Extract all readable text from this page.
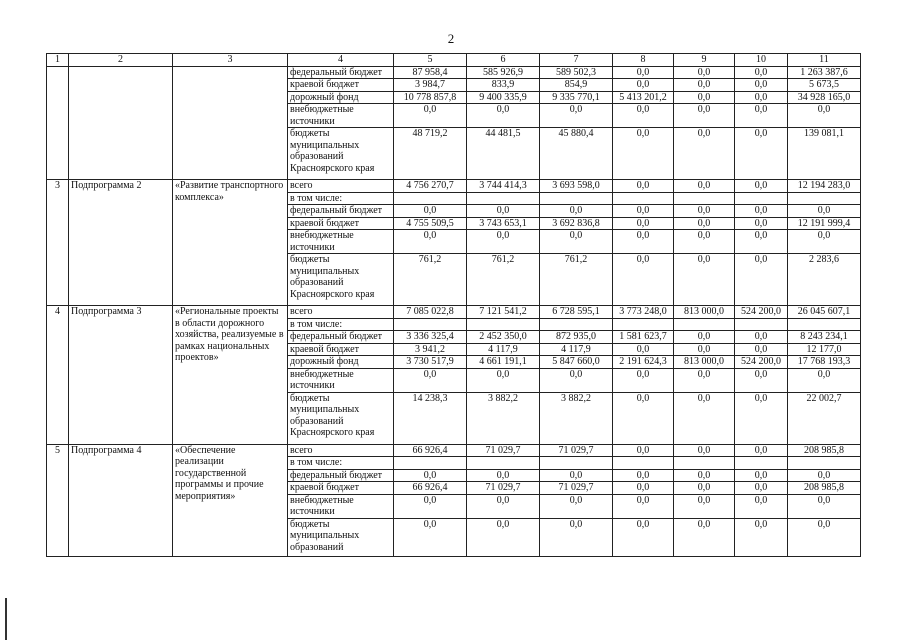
2
1	2	3	4	5	6	7	8	9	10	11
			федеральный бюджет	87 958,4	585 926,9	589 502,3	0,0	0,0	0,0	1 263 387,6
			краевой бюджет	3 984,7	833,9	854,9	0,0	0,0	0,0	5 673,5
			дорожный фонд	10 778 857,8	9 400 335,9	9 335 770,1	5 413 201,2	0,0	0,0	34 928 165,0
			внебюджетные источники	0,0	0,0	0,0	0,0	0,0	0,0	0,0
			бюджеты муниципальных образований Красноярского края	48 719,2	44 481,5	45 880,4	0,0	0,0	0,0	139 081,1
3	Подпрограмма 2	«Развитие транспортного комплекса»	всего	4 756 270,7	3 744 414,3	3 693 598,0	0,0	0,0	0,0	12 194 283,0
			в том числе:							
			федеральный бюджет	0,0	0,0	0,0	0,0	0,0	0,0	0,0
			краевой бюджет	4 755 509,5	3 743 653,1	3 692 836,8	0,0	0,0	0,0	12 191 999,4
			внебюджетные источники	0,0	0,0	0,0	0,0	0,0	0,0	0,0
			бюджеты муниципальных образований Красноярского края	761,2	761,2	761,2	0,0	0,0	0,0	2 283,6
4	Подпрограмма 3	«Региональные проекты в области дорожного хозяйства, реализуемые в рамках национальных проектов»	всего	7 085 022,8	7 121 541,2	6 728 595,1	3 773 248,0	813 000,0	524 200,0	26 045 607,1
			в том числе:							
			федеральный бюджет	3 336 325,4	2 452 350,0	872 935,0	1 581 623,7	0,0	0,0	8 243 234,1
			краевой бюджет	3 941,2	4 117,9	4 117,9	0,0	0,0	0,0	12 177,0
			дорожный фонд	3 730 517,9	4 661 191,1	5 847 660,0	2 191 624,3	813 000,0	524 200,0	17 768 193,3
			внебюджетные источники	0,0	0,0	0,0	0,0	0,0	0,0	0,0
			бюджеты муниципальных образований Красноярского края	14 238,3	3 882,2	3 882,2	0,0	0,0	0,0	22 002,7
5	Подпрограмма 4	«Обеспечение реализации государственной программы и прочие мероприятия»	всего	66 926,4	71 029,7	71 029,7	0,0	0,0	0,0	208 985,8
			в том числе:							
			федеральный бюджет	0,0	0,0	0,0	0,0	0,0	0,0	0,0
			краевой бюджет	66 926,4	71 029,7	71 029,7	0,0	0,0	0,0	208 985,8
			внебюджетные источники	0,0	0,0	0,0	0,0	0,0	0,0	0,0
			бюджеты муниципальных образований	0,0	0,0	0,0	0,0	0,0	0,0	0,0
